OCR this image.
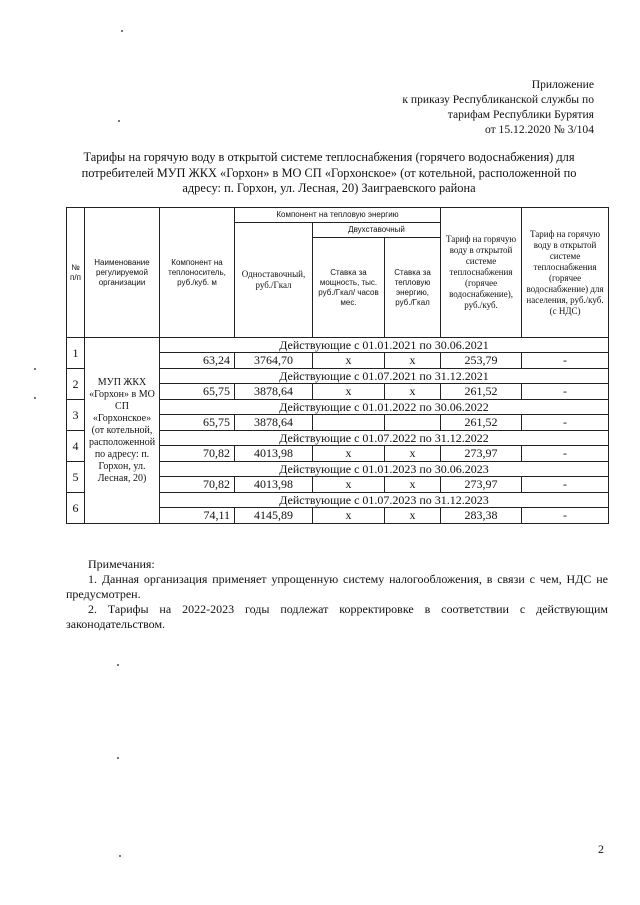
Приложение
к приказу Республиканской службы по
тарифам Республики Бурятия
от 15.12.2020 № 3/104
Тарифы на горячую воду в открытой системе теплоснабжения (горячего водоснабжения) для
потребителей МУП ЖКХ «Горхон» в МО СП «Горхонское» (от котельной, расположенной по
адресу: п. Горхон, ул. Лесная, 20) Заиграевского района
№ п/п	Наименование регулируемой организации	Компонент на теплоноситель, руб./куб. м	Компонент на тепловую энергию			Тариф на горячую воду в открытой системе теплоснабжения (горячее водоснабжение), руб./куб.	Тариф на горячую воду в открытой системе теплоснабжения (горячее водоснабжение) для населения, руб./куб. (с НДС)
			Одноставочный, руб./Гкал	Двухставочный			
				Ставка за мощность, тыс. руб./Гкал/ часов мес.	Ставка за тепловую энергию, руб./Гкал		
1	МУП ЖКХ «Горхон» в МО СП «Горхонское» (от котельной, расположенной по адресу: п. Горхон, ул. Лесная, 20)	Действующие с 01.01.2021 по 30.06.2021					
		63,24	3764,70	х	х	253,79	-
2		Действующие с 01.07.2021 по 31.12.2021					
		65,75	3878,64	х	х	261,52	-
3		Действующие с 01.01.2022 по 30.06.2022					
		65,75	3878,64			261,52	-
4		Действующие с 01.07.2022 по 31.12.2022					
		70,82	4013,98	х	х	273,97	-
5		Действующие с 01.01.2023 по 30.06.2023					
		70,82	4013,98	х	х	273,97	-
6		Действующие с 01.07.2023 по 31.12.2023					
		74,11	4145,89	х	х	283,38	-

Примечания:

1. Данная организация применяет упрощенную систему налогообложения, в связи с чем, НДС не предусмотрен.

2. Тарифы на 2022-2023 годы подлежат корректировке в соответствии с действующим законодательством.

2
